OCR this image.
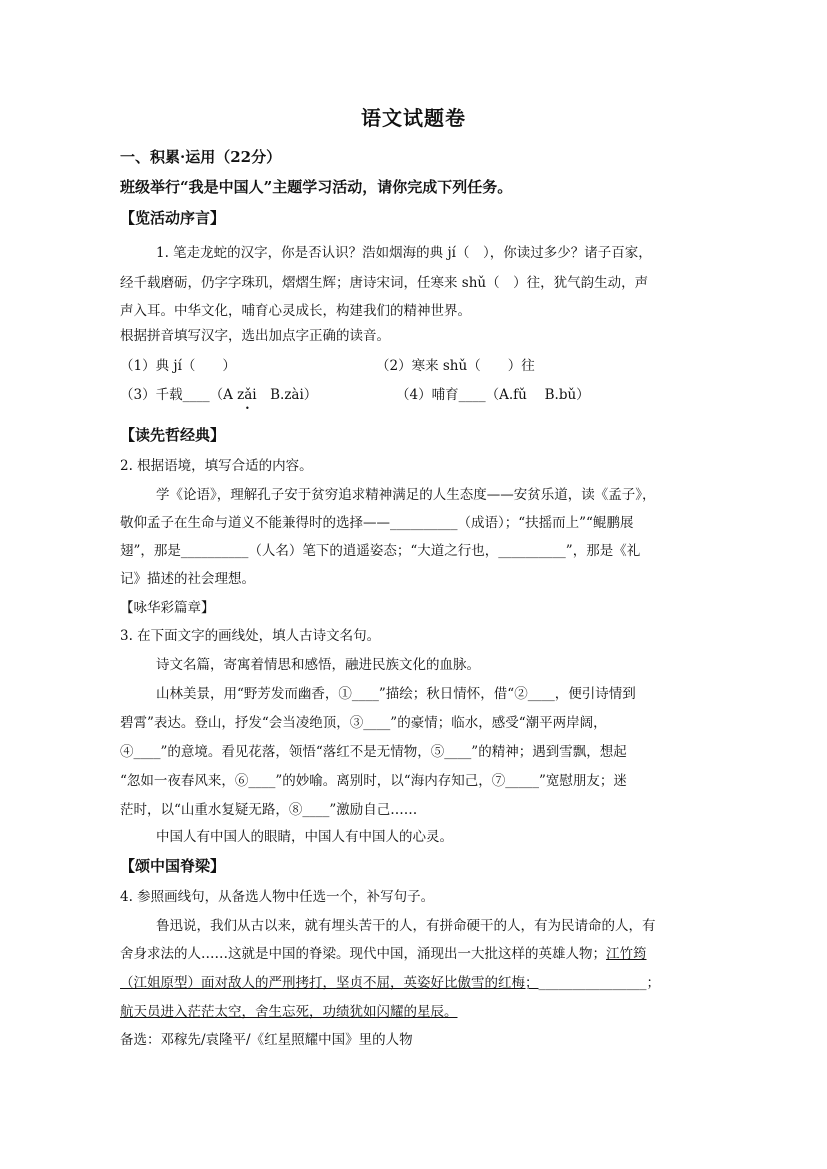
语文试题卷
一、积累·运用（22分）
班级举行“我是中国人”主题学习活动，请你完成下列任务。
【览活动序言】
1. 笔走龙蛇的汉字，你是否认识？浩如烟海的典 jí（　），你读过多少？诸子百家，
经千载磨砺，仍字字珠玑，熠熠生辉；唐诗宋词，任寒来 shǔ（　）往，犹气韵生动，声
声入耳。中华文化，哺育心灵成长，构建我们的精神世界。
根据拼音填写汉字，选出加点字正确的读音。
（1）典 jí（　　）	（2）寒来 shǔ（　　）往
（3）千载____（A zǎi　B.zài）	（4）哺育____（A.fǔ　 B.bǔ）
•
【读先哲经典】
2. 根据语境，填写合适的内容。
学《论语》，理解孔子安于贫穷追求精神满足的人生态度——安贫乐道，读《孟子》，
敬仰孟子在生命与道义不能兼得时的选择——__________（成语）；“扶摇而上”“鲲鹏展
翅”，那是__________（人名）笔下的逍遥姿态；“大道之行也，__________”，那是《礼
记》描述的社会理想。
【咏华彩篇章】
3. 在下面文字的画线处，填人古诗文名句。
诗文名篇，寄寓着情思和感悟，融进民族文化的血脉。
山林美景，用“野芳发而幽香，①____”描绘；秋日情怀，借“②____，便引诗情到
碧霄”表达。登山，抒发“会当凌绝顶，③____”的豪情；临水，感受“潮平两岸阔，
④____”的意境。看见花落，领悟“落红不是无情物，⑤____”的精神；遇到雪飘，想起
“忽如一夜春风来，⑥____”的妙喻。离别时，以“海内存知己，⑦_____”宽慰朋友；迷
茫时，以“山重水复疑无路，⑧____”激励自己……
中国人有中国人的眼睛，中国人有中国人的心灵。
【颂中国脊梁】
4. 参照画线句，从备选人物中任选一个，补写句子。
鲁迅说，我们从古以来，就有埋头苦干的人，有拼命硬干的人，有为民请命的人，有
舍身求法的人……这就是中国的脊梁。现代中国，涌现出一大批这样的英雄人物；江竹筠
（江姐原型）面对敌人的严刑拷打，坚贞不屈，英姿好比傲雪的红梅；________________；
航天员进入茫茫太空，舍生忘死，功绩犹如闪耀的星辰。
备选：邓稼先/袁隆平/《红星照耀中国》里的人物
